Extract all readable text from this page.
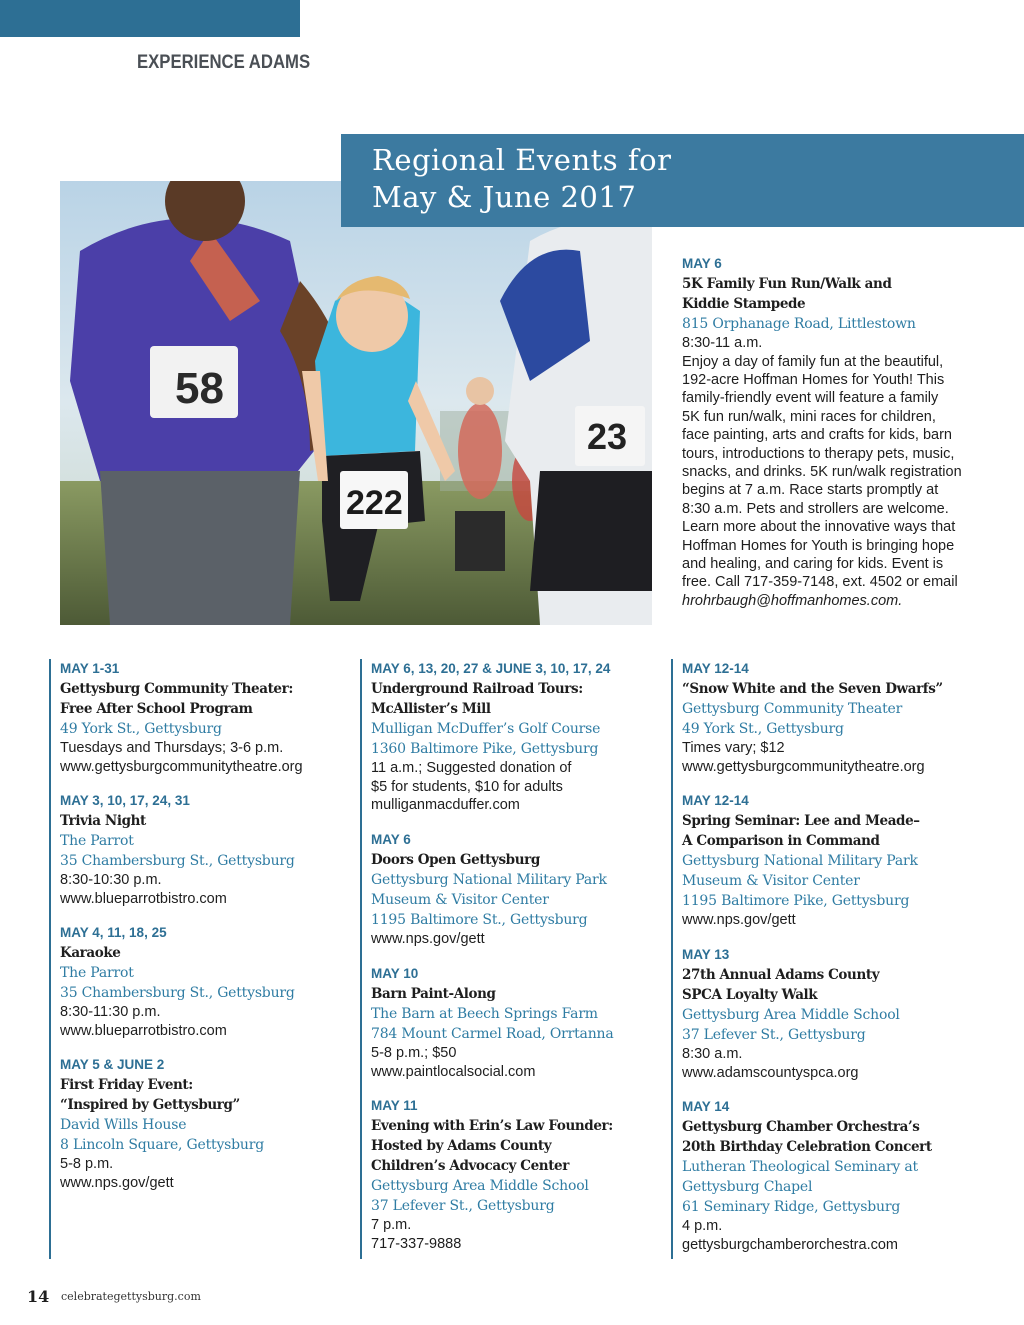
EXPERIENCE ADAMS
58
23
222
Regional Events for
May & June 2017
MAY 6
5K Family Fun Run/Walk and
Kiddie Stampede
815 Orphanage Road, Littlestown
8:30-11 a.m.
Enjoy a day of family fun at the beautiful,
192-acre Hoffman Homes for Youth! This
family-friendly event will feature a family
5K fun run/walk, mini races for children,
face painting, arts and crafts for kids, barn
tours, introductions to therapy pets, music,
snacks, and drinks. 5K run/walk registration
begins at 7 a.m. Race starts promptly at
8:30 a.m. Pets and strollers are welcome.
Learn more about the innovative ways that
Hoffman Homes for Youth is bringing hope
and healing, and caring for kids. Event is
free. Call 717-359-7148, ext. 4502 or email
hrohrbaugh@hoffmanhomes.com.
MAY 1-31
Gettysburg Community Theater:
Free After School Program
49 York St., Gettysburg
Tuesdays and Thursdays; 3-6 p.m.
www.gettysburgcommunitytheatre.org
MAY 3, 10, 17, 24, 31
Trivia Night
The Parrot
35 Chambersburg St., Gettysburg
8:30-10:30 p.m.
www.blueparrotbistro.com
MAY 4, 11, 18, 25
Karaoke
The Parrot
35 Chambersburg St., Gettysburg
8:30-11:30 p.m.
www.blueparrotbistro.com
MAY 5 & JUNE 2
First Friday Event:
“Inspired by Gettysburg”
David Wills House
8 Lincoln Square, Gettysburg
5-8 p.m.
www.nps.gov/gett
MAY 6, 13, 20, 27 & JUNE 3, 10, 17, 24
Underground Railroad Tours:
McAllister’s Mill
Mulligan McDuffer’s Golf Course
1360 Baltimore Pike, Gettysburg
11 a.m.; Suggested donation of
$5 for students, $10 for adults
mulliganmacduffer.com
MAY 6
Doors Open Gettysburg
Gettysburg National Military Park
Museum & Visitor Center
1195 Baltimore St., Gettysburg
www.nps.gov/gett
MAY 10
Barn Paint-Along
The Barn at Beech Springs Farm
784 Mount Carmel Road, Orrtanna
5-8 p.m.; $50
www.paintlocalsocial.com
MAY 11
Evening with Erin’s Law Founder:
Hosted by Adams County
Children’s Advocacy Center
Gettysburg Area Middle School
37 Lefever St., Gettysburg
7 p.m.
717-337-9888
MAY 12-14
“Snow White and the Seven Dwarfs”
Gettysburg Community Theater
49 York St., Gettysburg
Times vary; $12
www.gettysburgcommunitytheatre.org
MAY 12-14
Spring Seminar: Lee and Meade–
A Comparison in Command
Gettysburg National Military Park
Museum & Visitor Center
1195 Baltimore Pike, Gettysburg
www.nps.gov/gett
MAY 13
27th Annual Adams County
SPCA Loyalty Walk
Gettysburg Area Middle School
37 Lefever St., Gettysburg
8:30 a.m.
www.adamscountyspca.org
MAY 14
Gettysburg Chamber Orchestra’s
20th Birthday Celebration Concert
Lutheran Theological Seminary at
Gettysburg Chapel
61 Seminary Ridge, Gettysburg
4 p.m.
gettysburgchamberorchestra.com
14 celebrategettysburg.com
